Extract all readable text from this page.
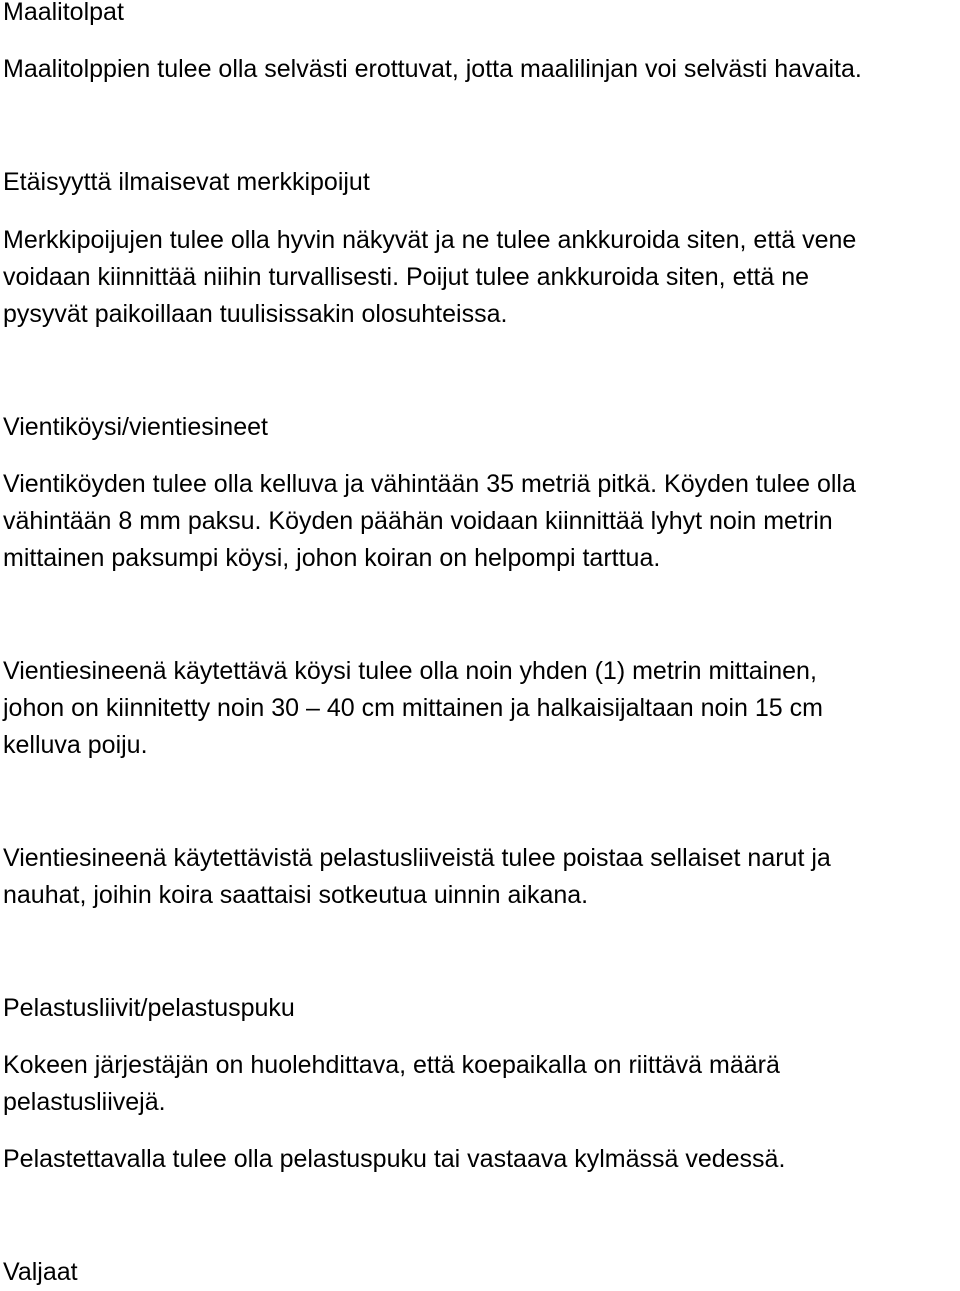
Maalitolpat
Maalitolppien tulee olla selvästi erottuvat, jotta maalilinjan voi selvästi havaita.
Etäisyyttä ilmaisevat merkkipoijut
Merkkipoijujen tulee olla hyvin näkyvät ja ne tulee ankkuroida siten, että vene
voidaan kiinnittää niihin turvallisesti. Poijut tulee ankkuroida siten, että ne
pysyvät paikoillaan tuulisissakin olosuhteissa.
Vientiköysi/vientiesineet
Vientiköyden tulee olla kelluva ja vähintään 35 metriä pitkä. Köyden tulee olla
vähintään 8 mm paksu. Köyden päähän voidaan kiinnittää lyhyt noin metrin
mittainen paksumpi köysi, johon koiran on helpompi tarttua.
Vientiesineenä käytettävä köysi tulee olla noin yhden (1) metrin mittainen,
johon on kiinnitetty noin 30 – 40 cm mittainen ja halkaisijaltaan noin 15 cm
kelluva poiju.
Vientiesineenä käytettävistä pelastusliiveistä tulee poistaa sellaiset narut ja
nauhat, joihin koira saattaisi sotkeutua uinnin aikana.
Pelastusliivit/pelastuspuku
Kokeen järjestäjän on huolehdittava, että koepaikalla on riittävä määrä
pelastusliivejä.
Pelastettavalla tulee olla pelastuspuku tai vastaava kylmässä vedessä.
Valjaat
